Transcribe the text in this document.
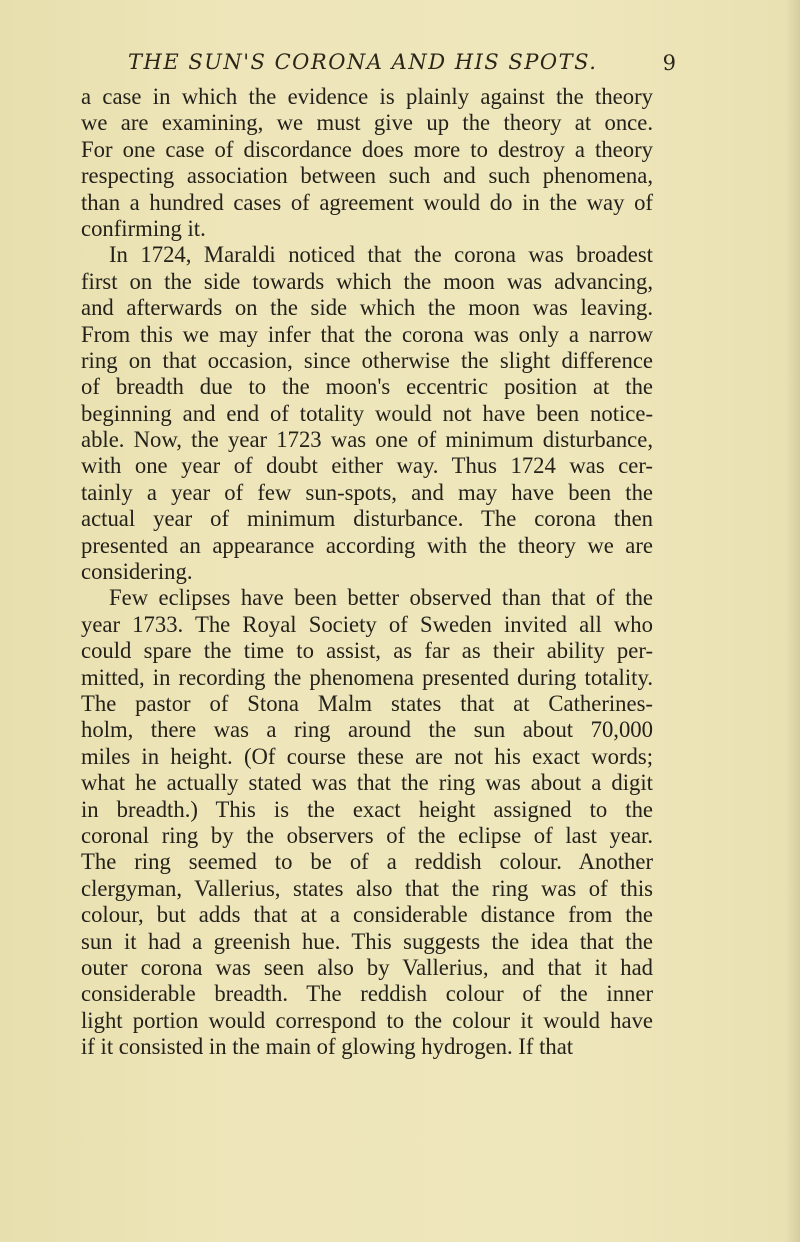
THE SUN'S CORONA AND HIS SPOTS.	9
a case in which the evidence is plainly against the theory
we are examining, we must give up the theory at once.
For one case of discordance does more to destroy a theory
respecting association between such and such phenomena,
than a hundred cases of agreement would do in the way of
confirming it.
In 1724, Maraldi noticed that the corona was broadest
first on the side towards which the moon was advancing,
and afterwards on the side which the moon was leaving.
From this we may infer that the corona was only a narrow
ring on that occasion, since otherwise the slight difference
of breadth due to the moon's eccentric position at the
beginning and end of totality would not have been notice-
able. Now, the year 1723 was one of minimum disturbance,
with one year of doubt either way. Thus 1724 was cer-
tainly a year of few sun-spots, and may have been the
actual year of minimum disturbance. The corona then
presented an appearance according with the theory we are
considering.
Few eclipses have been better observed than that of the
year 1733. The Royal Society of Sweden invited all who
could spare the time to assist, as far as their ability per-
mitted, in recording the phenomena presented during totality.
The pastor of Stona Malm states that at Catherines-
holm, there was a ring around the sun about 70,000
miles in height. (Of course these are not his exact words;
what he actually stated was that the ring was about a digit
in breadth.) This is the exact height assigned to the
coronal ring by the observers of the eclipse of last year.
The ring seemed to be of a reddish colour. Another
clergyman, Vallerius, states also that the ring was of this
colour, but adds that at a considerable distance from the
sun it had a greenish hue. This suggests the idea that the
outer corona was seen also by Vallerius, and that it had
considerable breadth. The reddish colour of the inner
light portion would correspond to the colour it would have
if it consisted in the main of glowing hydrogen. If that
